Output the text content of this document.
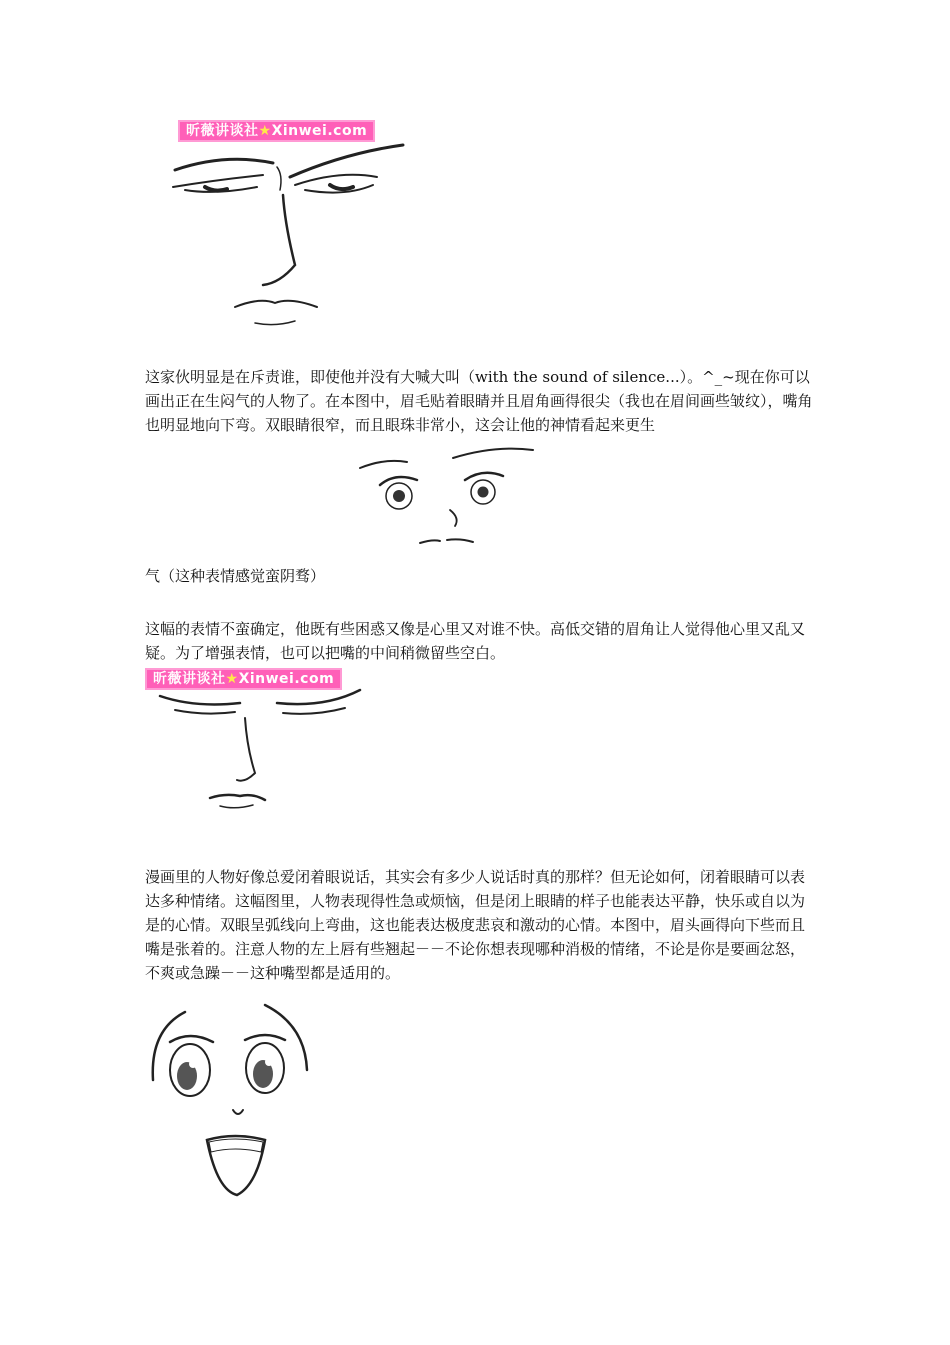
昕薇讲谈社★Xinwei.com

这家伙明显是在斥责谁，即使他并没有大喊大叫（with the sound of silence...）。^_~现在你可以画出正在生闷气的人物了。在本图中，眉毛贴着眼睛并且眉角画得很尖（我也在眉间画些皱纹），嘴角也明显地向下弯。双眼睛很窄，而且眼珠非常小，这会让他的神情看起来更生

气（这种表情感觉蛮阴骛）

这幅的表情不蛮确定，他既有些困惑又像是心里又对谁不快。高低交错的眉角让人觉得他心里又乱又疑。为了增强表情，也可以把嘴的中间稍微留些空白。

昕薇讲谈社★Xinwei.com

漫画里的人物好像总爱闭着眼说话，其实会有多少人说话时真的那样？但无论如何，闭着眼睛可以表达多种情绪。这幅图里，人物表现得性急或烦恼，但是闭上眼睛的样子也能表达平静，快乐或自以为是的心情。双眼呈弧线向上弯曲，这也能表达极度悲哀和激动的心情。本图中，眉头画得向下些而且嘴是张着的。注意人物的左上唇有些翘起－－不论你想表现哪种消极的情绪，不论是你是要画忿怒，不爽或急躁－－这种嘴型都是适用的。
